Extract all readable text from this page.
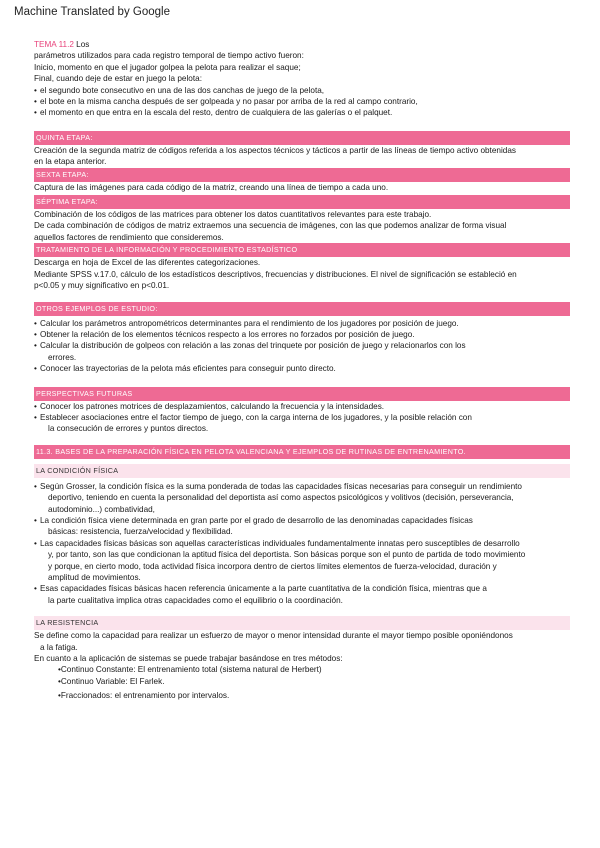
Machine Translated by Google
TEMA 11.2 Los
parámetros utilizados para cada registro temporal de tiempo activo fueron:
Inicio, momento en que el jugador golpea la pelota para realizar el saque;
Final, cuando deje de estar en juego la pelota:
• el segundo bote consecutivo en una de las dos canchas de juego de la pelota,
• el bote en la misma cancha después de ser golpeada y no pasar por arriba de la red al campo contrario,
• el momento en que entra en la escala del resto, dentro de cualquiera de las galerías o el palquet.
QUINTA ETAPA:
Creación de la segunda matriz de códigos referida a los aspectos técnicos y tácticos a partir de las líneas de tiempo activo obtenidas
en la etapa anterior.
SEXTA ETAPA:
Captura de las imágenes para cada código de la matriz, creando una línea de tiempo a cada uno.
SÉPTIMA ETAPA:
Combinación de los códigos de las matrices para obtener los datos cuantitativos relevantes para este trabajo.
De cada combinación de códigos de matriz extraemos una secuencia de imágenes, con las que podemos analizar de forma visual
aquellos factores de rendimiento que consideremos.
TRATAMIENTO DE LA INFORMACIÓN Y PROCEDIMIENTO ESTADÍSTICO
Descarga en hoja de Excel de las diferentes categorizaciones.
Mediante SPSS v.17.0, cálculo de los estadísticos descriptivos, frecuencias y distribuciones. El nivel de significación se estableció en
p<0.05 y muy significativo en p<0.01.
OTROS EJEMPLOS DE ESTUDIO:
• Calcular los parámetros antropométricos determinantes para el rendimiento de los jugadores por posición de juego.
• Obtener la relación de los elementos técnicos respecto a los errores no forzados por posición de juego.
• Calcular la distribución de golpeos con relación a las zonas del trinquete por posición de juego y relacionarlos con los
errores.
• Conocer las trayectorias de la pelota más eficientes para conseguir punto directo.
PERSPECTIVAS FUTURAS
• Conocer los patrones motrices de desplazamientos, calculando la frecuencia y la intensidades.
• Establecer asociaciones entre el factor tiempo de juego, con la carga interna de los jugadores, y la posible relación con
la consecución de errores y puntos directos.
11.3. BASES DE LA PREPARACIÓN FÍSICA EN PELOTA VALENCIANA Y EJEMPLOS DE RUTINAS DE ENTRENAMIENTO.
LA CONDICIÓN FÍSICA
• Según Grosser, la condición física es la suma ponderada de todas las capacidades físicas necesarias para conseguir un rendimiento
deportivo, teniendo en cuenta la personalidad del deportista así como aspectos psicológicos y volitivos (decisión, perseverancia,
autodominio...) combatividad,
• La condición física viene determinada en gran parte por el grado de desarrollo de las denominadas capacidades físicas
básicas: resistencia, fuerza/velocidad y flexibilidad.
• Las capacidades físicas básicas son aquellas características individuales fundamentalmente innatas pero susceptibles de desarrollo
y, por tanto, son las que condicionan la aptitud física del deportista. Son básicas porque son el punto de partida de todo movimiento
y porque, en cierto modo, toda actividad física incorpora dentro de ciertos límites elementos de fuerza-velocidad, duración y
amplitud de movimientos.
• Esas capacidades físicas básicas hacen referencia únicamente a la parte cuantitativa de la condición física, mientras que a
la parte cualitativa implica otras capacidades como el equilibrio o la coordinación.
LA RESISTENCIA
Se define como la capacidad para realizar un esfuerzo de mayor o menor intensidad durante el mayor tiempo posible oponiéndonos
a la fatiga.
En cuanto a la aplicación de sistemas se puede trabajar basándose en tres métodos:
•Continuo Constante: El entrenamiento total (sistema natural de Herbert)
•Continuo Variable: El Farlek.
•Fraccionados: el entrenamiento por intervalos.
